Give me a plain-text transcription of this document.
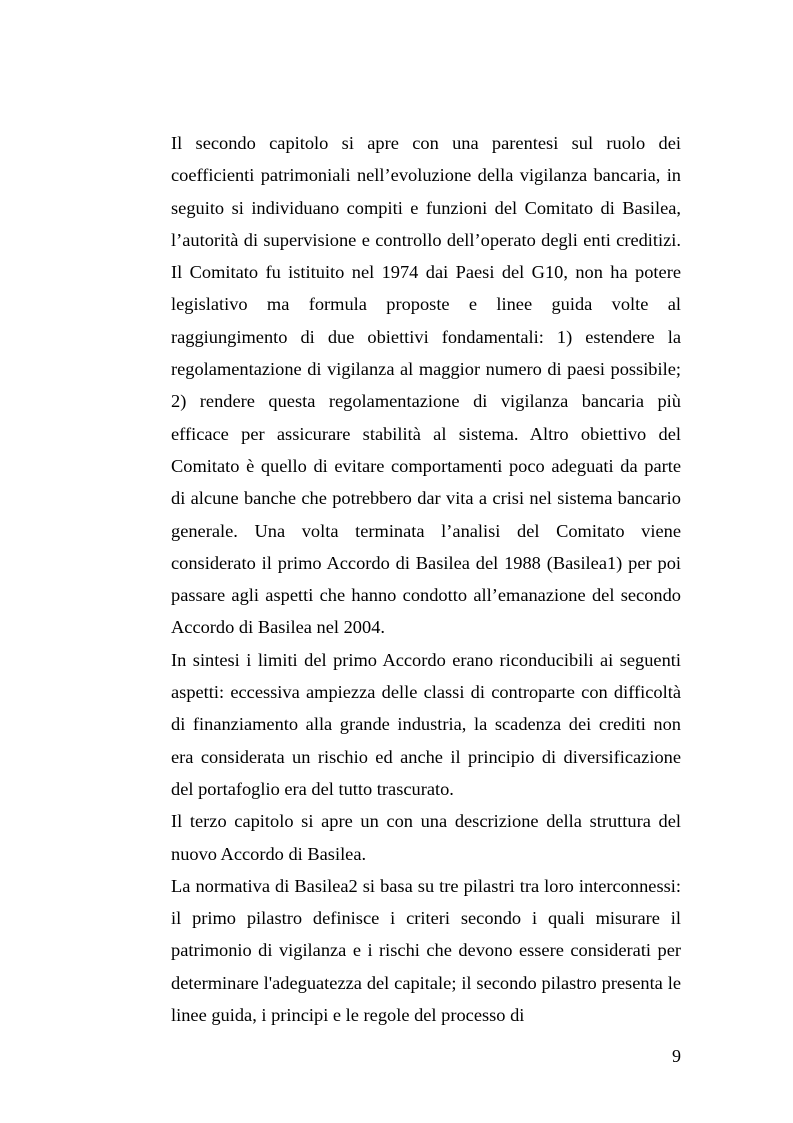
Il secondo capitolo si apre con una parentesi sul ruolo dei coefficienti patrimoniali nell’evoluzione della vigilanza bancaria, in seguito si individuano compiti e funzioni del Comitato di Basilea, l’autorità di supervisione e controllo dell’operato degli enti creditizi. Il Comitato fu istituito nel 1974 dai Paesi del G10, non ha potere legislativo ma formula proposte e linee guida volte al raggiungimento di due obiettivi fondamentali: 1) estendere la regolamentazione di vigilanza al maggior numero di paesi possibile; 2) rendere questa regolamentazione di vigilanza bancaria più efficace per assicurare stabilità al sistema. Altro obiettivo del Comitato è quello di evitare comportamenti poco adeguati da parte di alcune banche che potrebbero dar vita a crisi nel sistema bancario generale. Una volta terminata l’analisi del Comitato viene considerato il primo Accordo di Basilea del 1988 (Basilea1) per poi passare agli aspetti che hanno condotto all’emanazione del secondo Accordo di Basilea nel 2004.

In sintesi i limiti del primo Accordo erano riconducibili ai seguenti aspetti: eccessiva ampiezza delle classi di controparte con difficoltà di finanziamento alla grande industria, la scadenza dei crediti non era considerata un rischio ed anche il principio di diversificazione del portafoglio era del tutto trascurato.

Il terzo capitolo si apre un con una descrizione della struttura del nuovo Accordo di Basilea.

La normativa di Basilea2 si basa su tre pilastri tra loro interconnessi: il primo pilastro definisce i criteri secondo i quali misurare il patrimonio di vigilanza e i rischi che devono essere considerati per determinare l'adeguatezza del capitale; il secondo pilastro presenta le linee guida, i principi e le regole del processo di

9
